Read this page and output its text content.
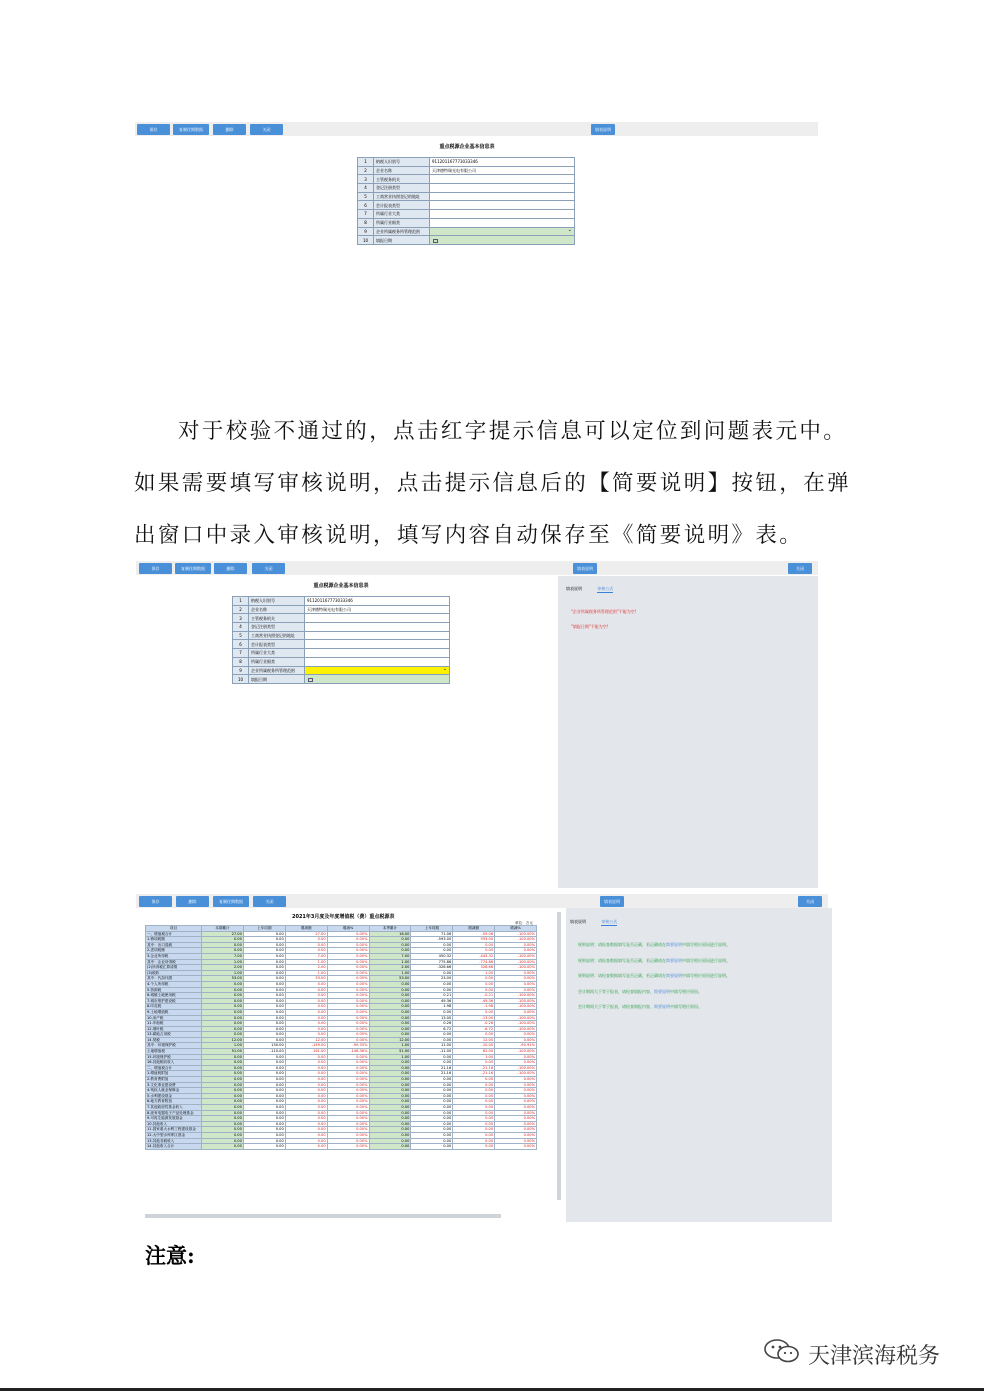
保存	复制往期数据	删除	关闭	填表说明
重点税源企业基本信息表
1	纳税人识别号	911201167773033346
2	企业名称	天津德特瑞光电有限公司
3	主管税务机关	
4	登记注册类型	
5	工商营业执照登记的地址	
6	会计报表类型	
7	所属行业大类	
8	所属行业细类	
9	企业所属税务所管理范围	⌄

10	填报日期	
对于校验不通过的，点击红字提示信息可以定位到问题表元中。
如果需要填写审核说明，点击提示信息后的【简要说明】按钮，在弹
出窗口中录入审核说明，填写内容自动保存至《简要说明》表。
保存	复制往期数据	删除	关闭	填表说明	关闭
重点税源企业基本信息表
1	纳税人识别号	911201167773033346
2	企业名称	天津德特瑞光电有限公司
3	主管税务机关	
4	登记注册类型	
5	工商营业执照登记的地址	
6	会计报表类型	
7	所属行业大类	
8	所属行业细类	
9	企业所属税务所管理范围	⌄

10	填报日期	
填表说明	审核公式
"企业所属税务所管理范围"不能为空!
"填报日期"不能为空!
保存	删除	复制往期数据	关闭	填表说明	关闭
2021年3月度及年度增值税（费）重点税源表
单位：万元
项目	本期累计	上年同期	增减额	增减%	本季累计	上年同期	增减额	增减%
一、增值税合计	27.00	0.00	27.00	0.00%	16.00	71.06	-55.06	-100.00%
1.销项税额	0.00	0.00	0.00	0.00%	0.00	-593.00	593.00	-100.00%
其中：出口退税	0.00	0.00	0.00	0.00%	0.00	0.00	0.00	0.00%
2.进项税额	0.00	0.00	0.00	0.00%	0.00	0.00	0.00	0.00%
3.企业所得税	7.00	0.00	7.00	0.00%	7.00	450.32	-443.32	-100.00%
其中：企业所得税	1.00	0.00	1.00	0.00%	1.00	775.86	-774.86	-100.00%
(2)所得税汇算清缴	2.00	0.00	2.00	0.00%	2.00	-326.66	328.66	-100.00%
(3)税收	1.00	0.00	1.00	0.00%	1.00	0.00	1.00	0.00%
其中：代扣代缴	53.00	0.00	53.00	0.00%	53.00	23.00	0.00	0.00%
4.个人所得税	0.00	0.00	0.00	0.00%	0.00	0.00	0.00	0.00%
5.资源税	0.00	0.00	0.00	0.00%	0.00	0.00	0.00	0.00%
6.城镇土地使用税	0.00	0.00	0.00	0.00%	0.00	0.21	-0.21	-100.00%
7.城市维护建设税	0.00	0.00	0.00	0.00%	0.00	49.36	-49.36	-100.00%
8.印花税	0.00	0.00	0.00	0.00%	0.00	1.98	-1.98	-100.00%
9.土地增值税	0.00	0.00	0.00	0.00%	0.00	0.00	0.00	0.00%
10.房产税	0.00	0.00	0.00	0.00%	0.00	13.00	-13.00	-100.00%
11.车船税	0.00	0.00	0.00	0.00%	0.00	0.26	-0.26	-100.00%
12.烟叶税	0.00	0.00	0.00	0.00%	0.00	6.72	-6.72	-100.00%
13.耕地占用税	0.00	0.00	0.00	0.00%	0.00	0.00	0.00	0.00%
14.契税	12.00	0.00	12.00	0.00%	12.00	0.00	12.00	0.00%
其中：环境保护税	1.00	150.00	-149.00	-99.33%	1.00	11.00	-10.00	-90.91%
土地增值税	51.00	-110.00	161.00	-146.36%	51.00	-11.00	62.00	-100.00%
15.环境保护税	0.00	0.00	0.00	0.00%	1.00	0.00	1.00	0.00%
16.其他税收收入	0.00	0.00	0.00	0.00%	0.00	0.00	0.00	0.00%
二、增值税合计	0.00	0.00	0.00	0.00%	0.00	21.16	-21.16	-100.00%
1.增值税附加	0.00	0.00	0.00	0.00%	0.00	21.16	-21.16	-100.00%
2.教育费附加	0.00	0.00	0.00	0.00%	0.00	0.00	0.00	0.00%
3.文化事业建设费	0.00	0.00	0.00	0.00%	0.00	0.00	0.00	0.00%
4.残疾人就业保障金	0.00	0.00	0.00	0.00%	0.00	0.00	0.00	0.00%
5.水利建设基金	0.00	0.00	0.00	0.00%	0.00	0.00	0.00	0.00%
6.地方教育附加	0.00	0.00	0.00	0.00%	0.00	0.00	0.00	0.00%
7.其他政府性基金收入	0.00	0.00	0.00	0.00%	0.00	0.00	0.00	0.00%
8.废弃电器电子产品处理基金	0.00	0.00	0.00	0.00%	0.00	0.00	0.00	0.00%
9.可再生能源发展基金	0.00	0.00	0.00	0.00%	0.00	0.00	0.00	0.00%
10.其他收入	0.00	0.00	0.00	0.00%	0.00	0.00	0.00	0.00%
11.国家重大水利工程建设基金	0.00	0.00	0.00	0.00%	0.00	0.00	0.00	0.00%
12.大中型水库库区基金	0.00	0.00	0.00	0.00%	0.00	0.00	0.00	0.00%
13.其他非税收入	0.00	0.00	0.00	0.00%	0.00	0.00	0.00	0.00%
14.其他收入合计	0.00	0.00	0.00	0.00%	0.00	0.00	0.00	0.00%
填表说明	审核公式
规则说明：请检查数据填写是否正确，若正确请在简要说明中填写相应原因进行说明。
规则说明：请检查数据填写是否正确，若正确请在简要说明中填写相应原因进行说明。
规则说明：请检查数据填写是否正确，若正确请在简要说明中填写相应原因进行说明。
会计期间大于等于报表，请检查填报内容，简要说明中填写相应原因。
会计期间大于等于报表，请检查填报内容，简要说明中填写相应原因。
注意:
天津滨海税务
